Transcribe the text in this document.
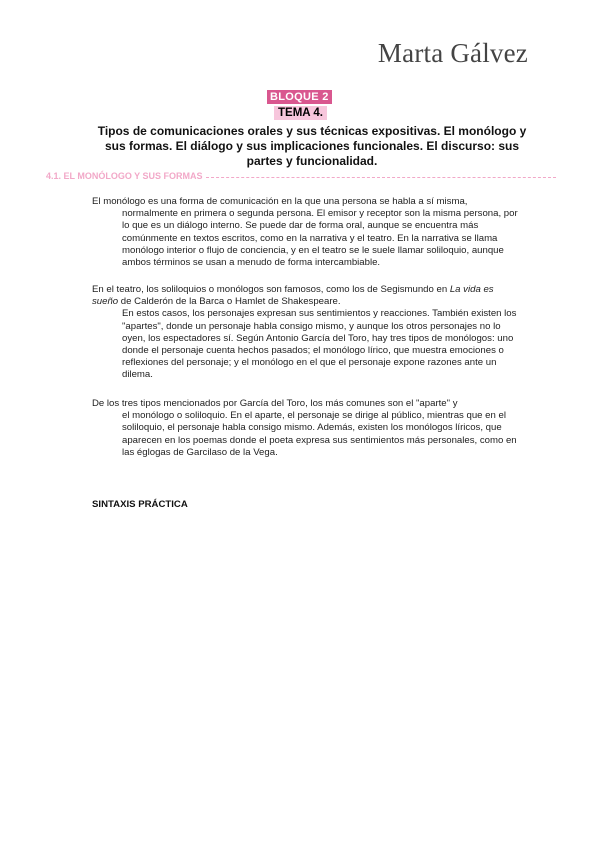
Marta Gálvez
BLOQUE 2
TEMA 4.
Tipos de comunicaciones orales y sus técnicas expositivas. El monólogo y sus formas. El diálogo y sus implicaciones funcionales. El discurso: sus partes y funcionalidad.
4.1. EL MONÓLOGO Y SUS FORMAS
El monólogo es una forma de comunicación en la que una persona se habla a sí misma,
normalmente en primera o segunda persona. El emisor y receptor son la misma persona, por lo que es un diálogo interno. Se puede dar de forma oral, aunque se encuentra más comúnmente en textos escritos, como en la narrativa y el teatro. En la narrativa se llama monólogo interior o flujo de conciencia, y en el teatro se le suele llamar soliloquio, aunque ambos términos se usan a menudo de forma intercambiable.
En el teatro, los soliloquios o monólogos son famosos, como los de Segismundo en La vida es sueño de Calderón de la Barca o Hamlet de Shakespeare.
En estos casos, los personajes expresan sus sentimientos y reacciones. También existen los "apartes", donde un personaje habla consigo mismo, y aunque los otros personajes no lo oyen, los espectadores sí. Según Antonio García del Toro, hay tres tipos de monólogos: uno donde el personaje cuenta hechos pasados; el monólogo lírico, que muestra emociones o reflexiones del personaje; y el monólogo en el que el personaje expone razones ante un dilema.
De los tres tipos mencionados por García del Toro, los más comunes son el "aparte" y
el monólogo o soliloquio. En el aparte, el personaje se dirige al público, mientras que en el soliloquio, el personaje habla consigo mismo. Además, existen los monólogos líricos, que aparecen en los poemas donde el poeta expresa sus sentimientos más personales, como en las églogas de Garcilaso de la Vega.
SINTAXIS PRÁCTICA
